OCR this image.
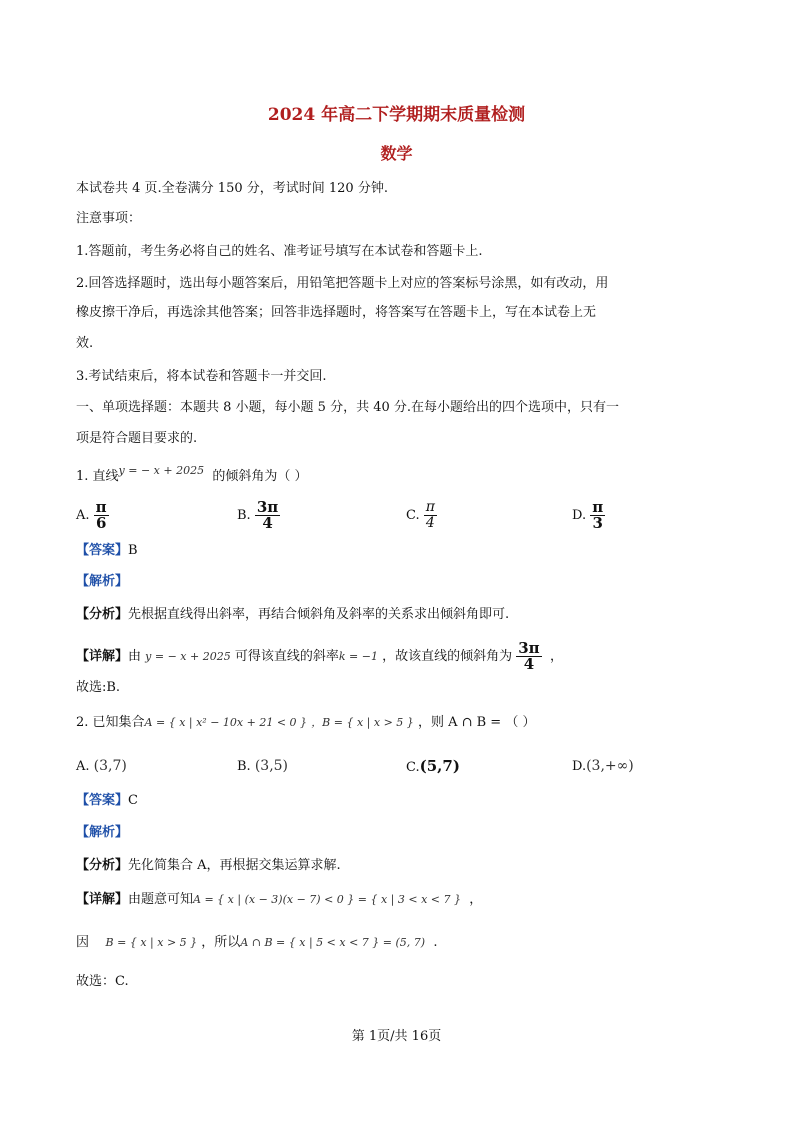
2024 年高二下学期期末质量检测
数学
本试卷共 4 页.全卷满分 150 分，考试时间 120 分钟.
注意事项：
1.答题前，考生务必将自己的姓名、准考证号填写在本试卷和答题卡上.
2.回答选择题时，选出每小题答案后，用铅笔把答题卡上对应的答案标号涂黑，如有改动，用
橡皮擦干净后，再选涂其他答案；回答非选择题时，将答案写在答题卡上，写在本试卷上无
效.
3.考试结束后，将本试卷和答题卡一并交回.
一、单项选择题：本题共 8 小题，每小题 5 分，共 40 分.在每小题给出的四个选项中，只有一
项是符合题目要求的.
1. 直线$^{y = - x + 2025}$ 的倾斜角为（ ）
A. $\frac{\pi}{6}$	B. $\frac{3\pi}{4}$	C. $\frac{\pi}{4}$	D. $\frac{\pi}{3}$
【答案】B
【解析】
【分析】先根据直线得出斜率，再结合倾斜角及斜率的关系求出倾斜角即可.
【详解】由 y = − x + 2025 可得该直线的斜率k = −1 ，故该直线的倾斜角为 $\frac{3\pi}{4}$ ，
故选:B.
2. 已知集合A = { x | x² − 10x + 21 < 0 } ，B = { x | x > 5 } ，则 A ∩ B = （ ）
A. (3,7)	B. (3,5)	C.(5,7)	D.(3,+∞)
【答案】C
【解析】
【分析】先化简集合 A，再根据交集运算求解.
【详解】由题意可知A = { x | (x − 3)(x − 7) < 0 } = { x | 3 < x < 7 } ，
因 B = { x | x > 5 } ，所以A ∩ B = { x | 5 < x < 7 } = (5, 7) .
故选：C.
第 1页/共 16页
